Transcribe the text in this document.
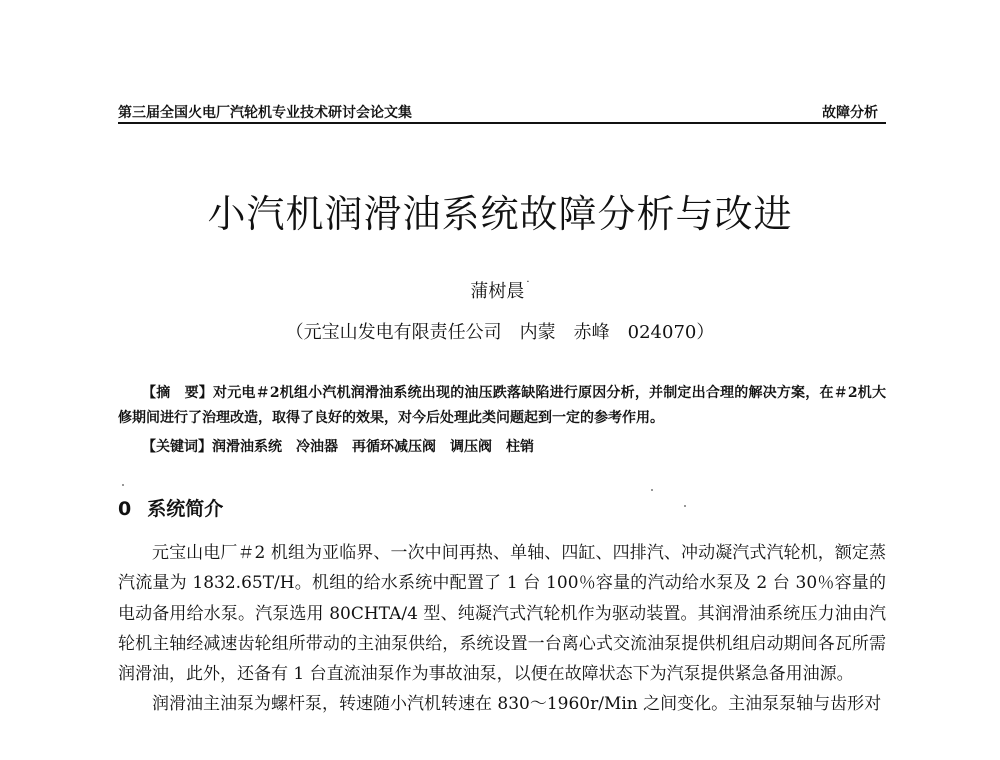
第三届全国火电厂汽轮机专业技术研讨会论文集	故障分析
小汽机润滑油系统故障分析与改进
蒲树晨 ·
（元宝山发电有限责任公司　内蒙　赤峰　024070）
【摘　要】对元电＃2机组小汽机润滑油系统出现的油压跌落缺陷进行原因分析，并制定出合理的解决方案，在＃2机大修期间进行了治理改造，取得了良好的效果，对今后处理此类问题起到一定的参考作用。
【关键词】润滑油系统　冷油器　再循环减压阀　调压阀　柱销
0 系统简介

元宝山电厂＃2 机组为亚临界、一次中间再热、单轴、四缸、四排汽、冲动凝汽式汽轮机，额定蒸汽流量为 1832.65T/H。机组的给水系统中配置了 1 台 100％容量的汽动给水泵及 2 台 30％容量的电动备用给水泵。汽泵选用 80CHTA/4 型、纯凝汽式汽轮机作为驱动装置。其润滑油系统压力油由汽轮机主轴经减速齿轮组所带动的主油泵供给，系统设置一台离心式交流油泵提供机组启动期间各瓦所需润滑油，此外，还备有 1 台直流油泵作为事故油泵，以便在故障状态下为汽泵提供紧急备用油源。

润滑油主油泵为螺杆泵，转速随小汽机转速在 830～1960r/Min 之间变化。主油泵泵轴与齿形对
